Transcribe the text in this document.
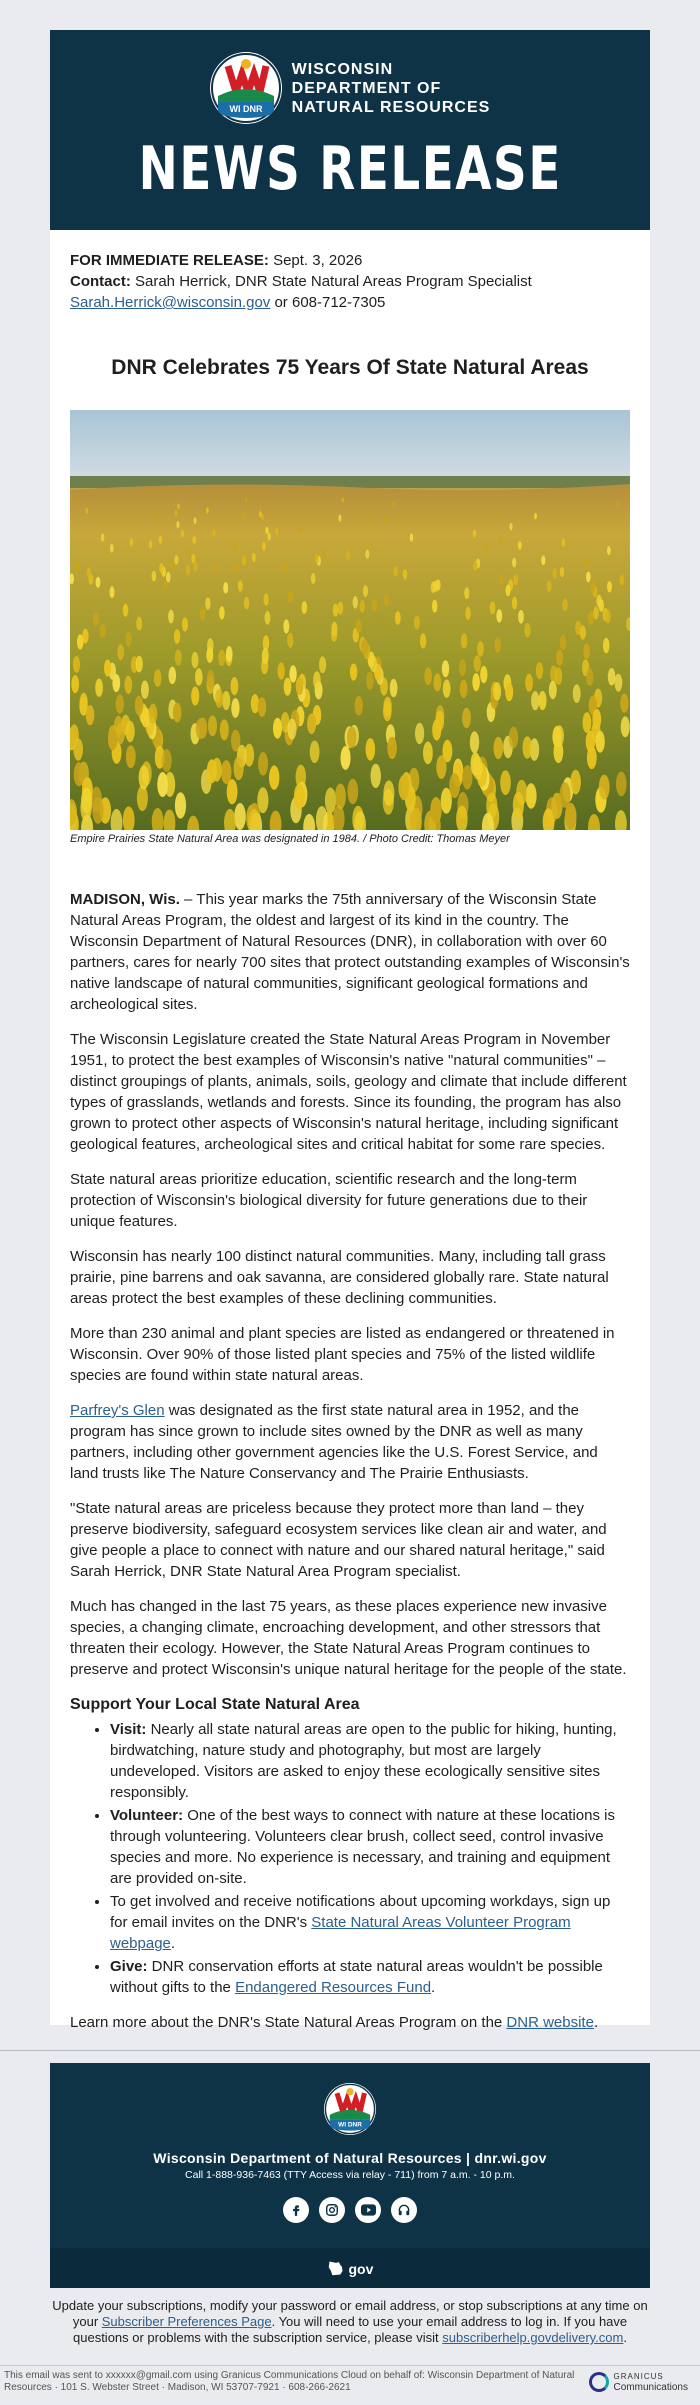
WI DNR
WISCONSIN
DEPARTMENT OF
NATURAL RESOURCES
NEWS RELEASE
FOR IMMEDIATE RELEASE: Sept. 3, 2026
Contact: Sarah Herrick, DNR State Natural Areas Program Specialist
Sarah.Herrick@wisconsin.gov or 608-712-7305
DNR Celebrates 75 Years Of State Natural Areas
Empire Prairies State Natural Area was designated in 1984. / Photo Credit: Thomas Meyer

MADISON, Wis. – This year marks the 75th anniversary of the Wisconsin State Natural Areas Program, the oldest and largest of its kind in the country. The Wisconsin Department of Natural Resources (DNR), in collaboration with over 60 partners, cares for nearly 700 sites that protect outstanding examples of Wisconsin's native landscape of natural communities, significant geological formations and archeological sites.

The Wisconsin Legislature created the State Natural Areas Program in November 1951, to protect the best examples of Wisconsin's native "natural communities" – distinct groupings of plants, animals, soils, geology and climate that include different types of grasslands, wetlands and forests. Since its founding, the program has also grown to protect other aspects of Wisconsin's natural heritage, including significant geological features, archeological sites and critical habitat for some rare species.

State natural areas prioritize education, scientific research and the long-term protection of Wisconsin's biological diversity for future generations due to their unique features.

Wisconsin has nearly 100 distinct natural communities. Many, including tall grass prairie, pine barrens and oak savanna, are considered globally rare. State natural areas protect the best examples of these declining communities.

More than 230 animal and plant species are listed as endangered or threatened in Wisconsin. Over 90% of those listed plant species and 75% of the listed wildlife species are found within state natural areas.

Parfrey's Glen was designated as the first state natural area in 1952, and the program has since grown to include sites owned by the DNR as well as many partners, including other government agencies like the U.S. Forest Service, and land trusts like The Nature Conservancy and The Prairie Enthusiasts.

"State natural areas are priceless because they protect more than land – they preserve biodiversity, safeguard ecosystem services like clean air and water, and give people a place to connect with nature and our shared natural heritage," said Sarah Herrick, DNR State Natural Area Program specialist.

Much has changed in the last 75 years, as these places experience new invasive species, a changing climate, encroaching development, and other stressors that threaten their ecology. However, the State Natural Areas Program continues to preserve and protect Wisconsin's unique natural heritage for the people of the state.

Support Your Local State Natural Area
• Visit: Nearly all state natural areas are open to the public for hiking, hunting, birdwatching, nature study and photography, but most are largely undeveloped. Visitors are asked to enjoy these ecologically sensitive sites responsibly.
• Volunteer: One of the best ways to connect with nature at these locations is through volunteering. Volunteers clear brush, collect seed, control invasive species and more. No experience is necessary, and training and equipment are provided on-site.
• To get involved and receive notifications about upcoming workdays, sign up for email invites on the DNR's State Natural Areas Volunteer Program webpage.
• Give: DNR conservation efforts at state natural areas wouldn't be possible without gifts to the Endangered Resources Fund.

Learn more about the DNR's State Natural Areas Program on the DNR website.

WI DNR
Wisconsin Department of Natural Resources | dnr.wi.gov
Call 1-888-936-7463 (TTY Access via relay - 711) from 7 a.m. - 10 p.m.
gov
Update your subscriptions, modify your password or email address, or stop subscriptions at any time on your Subscriber Preferences Page. You will need to use your email address to log in. If you have questions or problems with the subscription service, please visit subscriberhelp.govdelivery.com.
This email was sent to xxxxxx@gmail.com using Granicus Communications Cloud on behalf of: Wisconsin Department of Natural Resources · 101 S. Webster Street · Madison, WI 53707-7921 · 608-266-2621
GRANICUS
Communications
